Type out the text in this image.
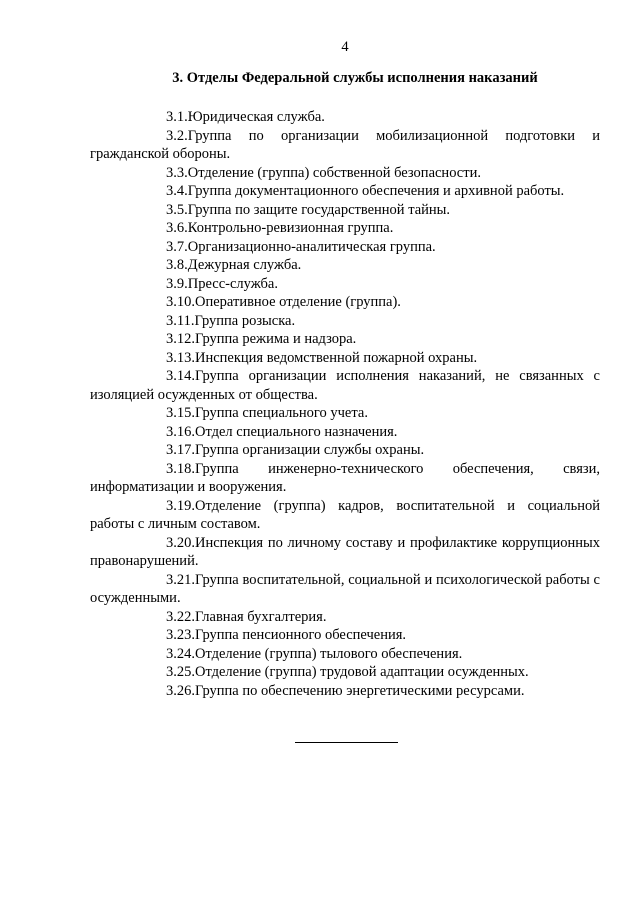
4
3. Отделы Федеральной службы исполнения наказаний

3.1.Юридическая служба.

3.2.Группа по организации мобилизационной подготовки и гражданской обороны.

3.3.Отделение (группа) собственной безопасности.

3.4.Группа документационного обеспечения и архивной работы.

3.5.Группа по защите государственной тайны.

3.6.Контрольно-ревизионная группа.

3.7.Организационно-аналитическая группа.

3.8.Дежурная служба.

3.9.Пресс-служба.

3.10.Оперативное отделение (группа).

3.11.Группа розыска.

3.12.Группа режима и надзора.

3.13.Инспекция ведомственной пожарной охраны.

3.14.Группа организации исполнения наказаний, не связанных с изоляцией осужденных от общества.

3.15.Группа специального учета.

3.16.Отдел специального назначения.

3.17.Группа организации службы охраны.

3.18.Группа инженерно-технического обеспечения, связи, информатизации и вооружения.

3.19.Отделение (группа) кадров, воспитательной и социальной работы с личным составом.

3.20.Инспекция по личному составу и профилактике коррупционных правонарушений.

3.21.Группа воспитательной, социальной и психологической работы с осужденными.

3.22.Главная бухгалтерия.

3.23.Группа пенсионного обеспечения.

3.24.Отделение (группа) тылового обеспечения.

3.25.Отделение (группа) трудовой адаптации осужденных.

3.26.Группа по обеспечению энергетическими ресурсами.
